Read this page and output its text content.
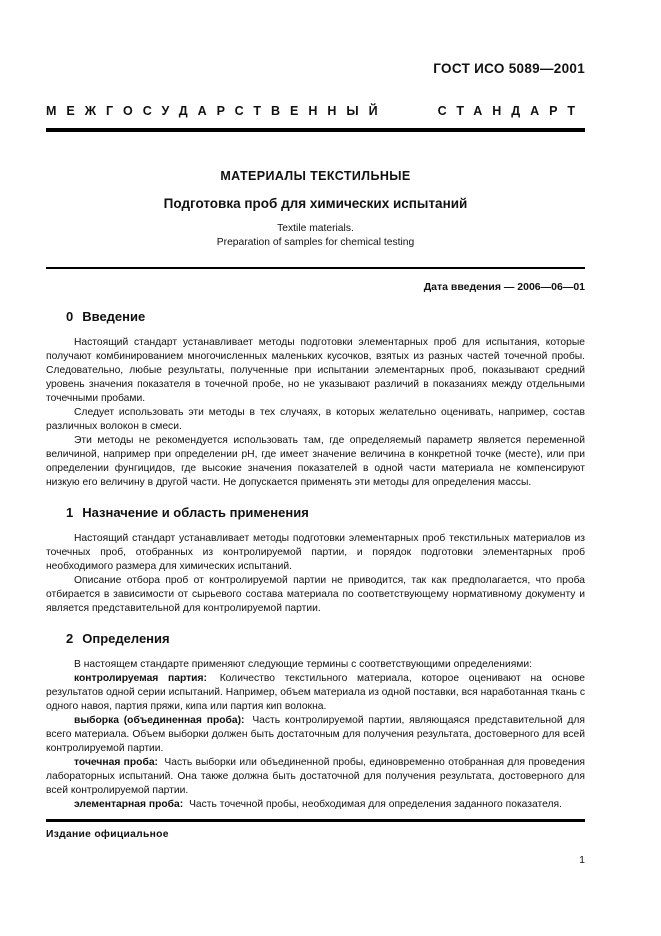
ГОСТ ИСО 5089—2001
МЕЖГОСУДАРСТВЕННЫЙ СТАНДАРТ
МАТЕРИАЛЫ ТЕКСТИЛЬНЫЕ
Подготовка проб для химических испытаний
Textile materials.
Preparation of samples for chemical testing
Дата введения — 2006—06—01
0 Введение

Настоящий стандарт устанавливает методы подготовки элементарных проб для испытания, которые получают комбинированием многочисленных маленьких кусочков, взятых из разных частей точечной пробы. Следовательно, любые результаты, полученные при испытании элементарных проб, показывают средний уровень значения показателя в точечной пробе, но не указывают различий в показаниях между отдельными точечными пробами.

Следует использовать эти методы в тех случаях, в которых желательно оценивать, например, состав различных волокон в смеси.

Эти методы не рекомендуется использовать там, где определяемый параметр является переменной величиной, например при определении рН, где имеет значение величина в конкретной точке (месте), или при определении фунгицидов, где высокие значения показателей в одной части материала не компенсируют низкую его величину в другой части. Не допускается применять эти методы для определения массы.

1 Назначение и область применения

Настоящий стандарт устанавливает методы подготовки элементарных проб текстильных материалов из точечных проб, отобранных из контролируемой партии, и порядок подготовки элементарных проб необходимого размера для химических испытаний.

Описание отбора проб от контролируемой партии не приводится, так как предполагается, что проба отбирается в зависимости от сырьевого состава материала по соответствующему нормативному документу и является представительной для контролируемой партии.

2 Определения

В настоящем стандарте применяют следующие термины с соответствующими определениями:

контролируемая партия: Количество текстильного материала, которое оценивают на основе результатов одной серии испытаний. Например, объем материала из одной поставки, вся наработанная ткань с одного навоя, партия пряжи, кипа или партия кип волокна.

выборка (объединенная проба): Часть контролируемой партии, являющаяся представительной для всего материала. Объем выборки должен быть достаточным для получения результата, достоверного для всей контролируемой партии.

точечная проба: Часть выборки или объединенной пробы, единовременно отобранная для проведения лабораторных испытаний. Она также должна быть достаточной для получения результата, достоверного для всей контролируемой партии.

элементарная проба: Часть точечной пробы, необходимая для определения заданного показателя.

Издание официальное
1
